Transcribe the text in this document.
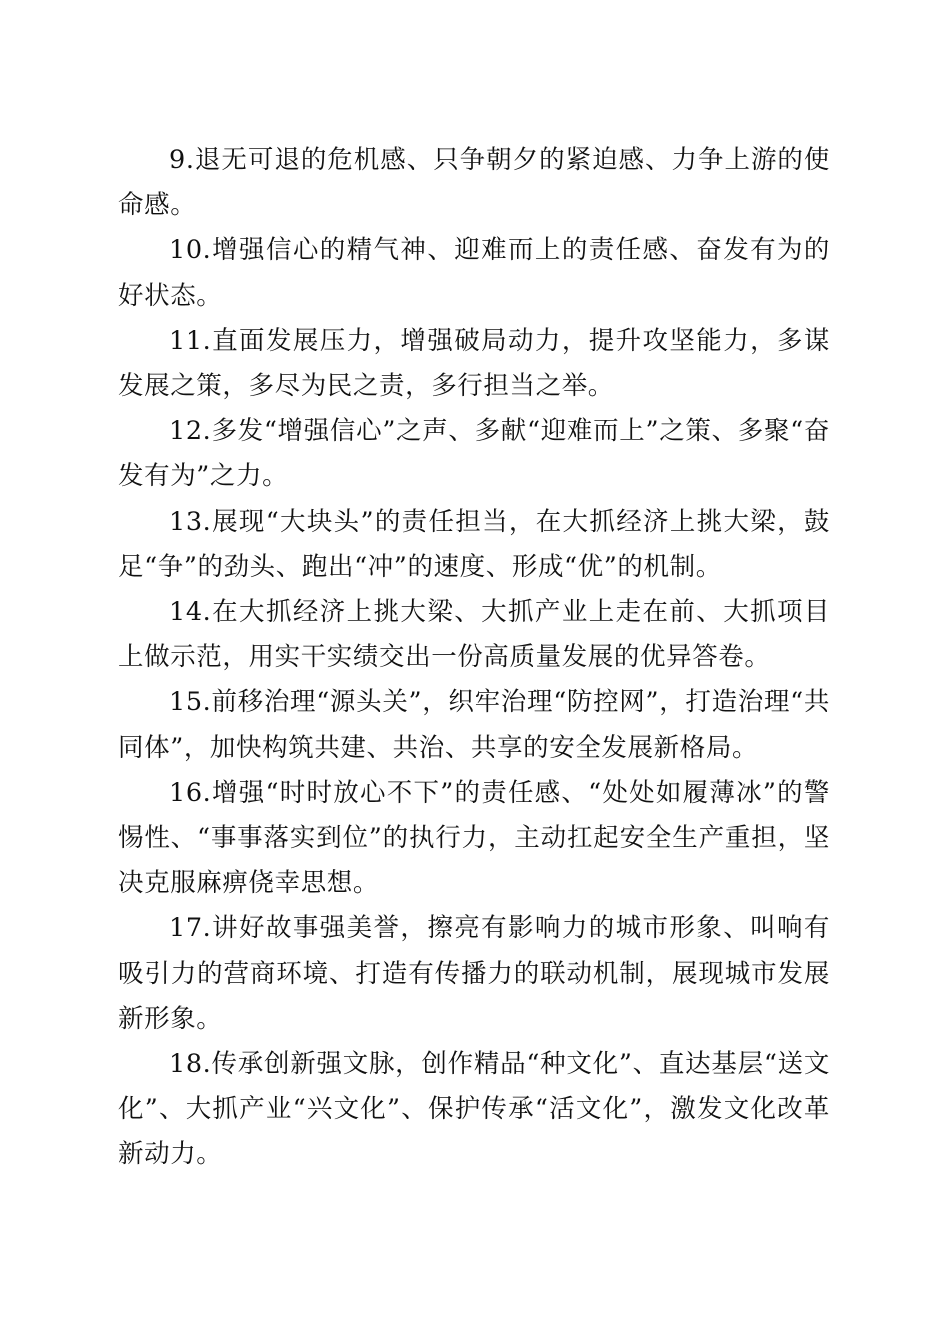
9.退无可退的危机感、只争朝夕的紧迫感、力争上游的使命感。

10.增强信心的精气神、迎难而上的责任感、奋发有为的好状态。

11.直面发展压力，增强破局动力，提升攻坚能力，多谋发展之策，多尽为民之责，多行担当之举。

12.多发“增强信心”之声、多献“迎难而上”之策、多聚“奋发有为”之力。

13.展现“大块头”的责任担当，在大抓经济上挑大梁，鼓足“争”的劲头、跑出“冲”的速度、形成“优”的机制。

14.在大抓经济上挑大梁、大抓产业上走在前、大抓项目上做示范，用实干实绩交出一份高质量发展的优异答卷。

15.前移治理“源头关”，织牢治理“防控网”，打造治理“共同体”，加快构筑共建、共治、共享的安全发展新格局。

16.增强“时时放心不下”的责任感、“处处如履薄冰”的警惕性、“事事落实到位”的执行力，主动扛起安全生产重担，坚决克服麻痹侥幸思想。

17.讲好故事强美誉，擦亮有影响力的城市形象、叫响有吸引力的营商环境、打造有传播力的联动机制，展现城市发展新形象。

18.传承创新强文脉，创作精品“种文化”、直达基层“送文化”、大抓产业“兴文化”、保护传承“活文化”，激发文化改革新动力。
